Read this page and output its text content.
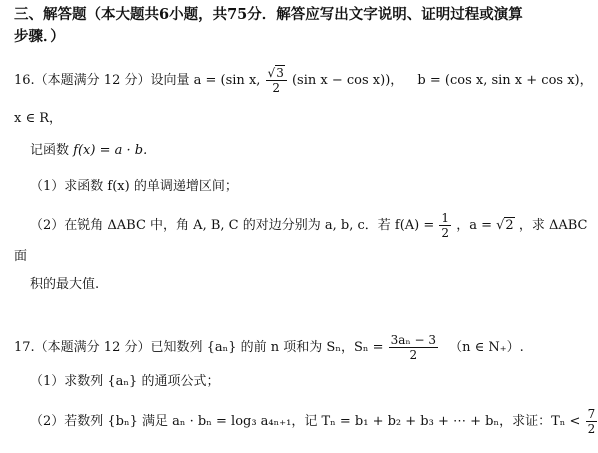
三、解答题（本大题共6小题，共75分．解答应写出文字说明、证明过程或演算
步骤．）
16.（本题满分 12 分）设向量 a = (sin x, $\frac{√3}{2} (\sin$ x − cos x))， b = (cos x, sin x + cos x)，
x ∈ R，
记函数 f(x) = a · b.
（1）求函数 f(x) 的单调递增区间；
（2）在锐角 ΔABC 中，角 A, B, C 的对边分别为 a, b, c．若 $f(A) = \frac{1}{2}$ ，a = √2 ，求 ΔABC
面
积的最大值.
17.（本题满分 12 分）已知数列 {aₙ} 的前 n 项和为 Sₙ，$S_n = \frac{\text{3aₙ − 3}}{2} (n$ ∈ N₊）.
（1）求数列 {aₙ} 的通项公式；
（2）若数列 {bₙ} 满足 aₙ · bₙ = log₃ a₄ₙ₊₁，记 Tₙ = b₁ + b₂ + b₃ + ⋯ + bₙ，求证：$T_n < \frac{7}{2}$
